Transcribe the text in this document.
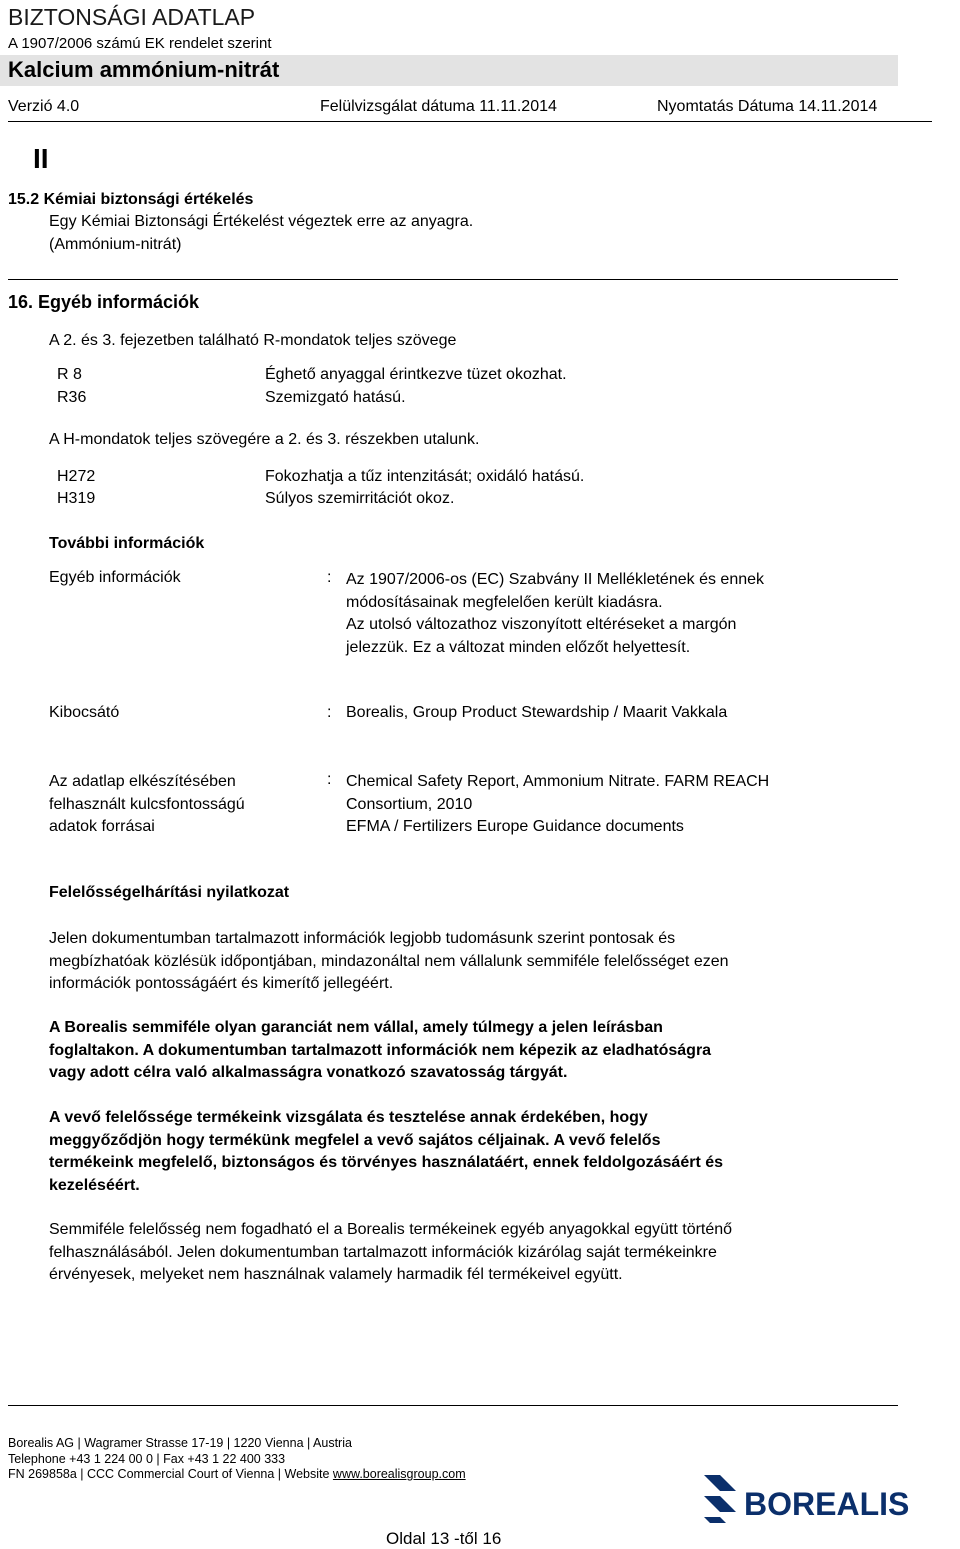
BIZTONSÁGI ADATLAP
A 1907/2006 számú EK rendelet szerint
Kalcium ammónium-nitrát
Verzió 4.0	Felülvizsgálat dátuma 11.11.2014	Nyomtatás Dátuma 14.11.2014
II
15.2 Kémiai biztonsági értékelés
Egy Kémiai Biztonsági Értékelést végeztek erre az anyagra.
(Ammónium-nitrát)
16. Egyéb információk
A 2. és 3. fejezetben található R-mondatok teljes szövege
R 8	Éghető anyaggal érintkezve tüzet okozhat.
R36	Szemizgató hatású.
A H-mondatok teljes szövegére a 2. és 3. részekben utalunk.
H272	Fokozhatja a tűz intenzitását; oxidáló hatású.
H319	Súlyos szemirritációt okoz.
További információk
Egyéb információk	: Az 1907/2006-os (EC) Szabvány II Mellékletének és ennek
módosításainak megfelelően került kiadásra.
Az utolsó változathoz viszonyított eltéréseket a margón
jelezzük. Ez a változat minden előzőt helyettesít.
Kibocsátó	: Borealis, Group Product Stewardship / Maarit Vakkala
Az adatlap elkészítésében
felhasznált kulcsfontosságú
adatok forrásai
: Chemical Safety Report, Ammonium Nitrate. FARM REACH
Consortium, 2010
EFMA / Fertilizers Europe Guidance documents
Felelősségelhárítási nyilatkozat
Jelen dokumentumban tartalmazott információk legjobb tudomásunk szerint pontosak és
megbízhatóak közlésük időpontjában, mindazonáltal nem vállalunk semmiféle felelősséget ezen
információk pontosságáért és kimerítő jellegéért.
A Borealis semmiféle olyan garanciát nem vállal, amely túlmegy a jelen leírásban
foglaltakon. A dokumentumban tartalmazott információk nem képezik az eladhatóságra
vagy adott célra való alkalmasságra vonatkozó szavatosság tárgyát.
A vevő felelőssége termékeink vizsgálata és tesztelése annak érdekében, hogy
meggyőződjön hogy termékünk megfelel a vevő sajátos céljainak. A vevő felelős
termékeink megfelelő, biztonságos és törvényes használatáért, ennek feldolgozásáért és
kezeléséért.
Semmiféle felelősség nem fogadható el a Borealis termékeinek egyéb anyagokkal együtt történő
felhasználásából. Jelen dokumentumban tartalmazott információk kizárólag saját termékeinkre
érvényesek, melyeket nem használnak valamely harmadik fél termékeivel együtt.
Borealis AG | Wagramer Strasse 17-19 | 1220 Vienna | Austria
Telephone +43 1 224 00 0 | Fax +43 1 22 400 333
FN 269858a | CCC Commercial Court of Vienna | Website www.borealisgroup.com
BOREALIS
Oldal 13 -től 16
